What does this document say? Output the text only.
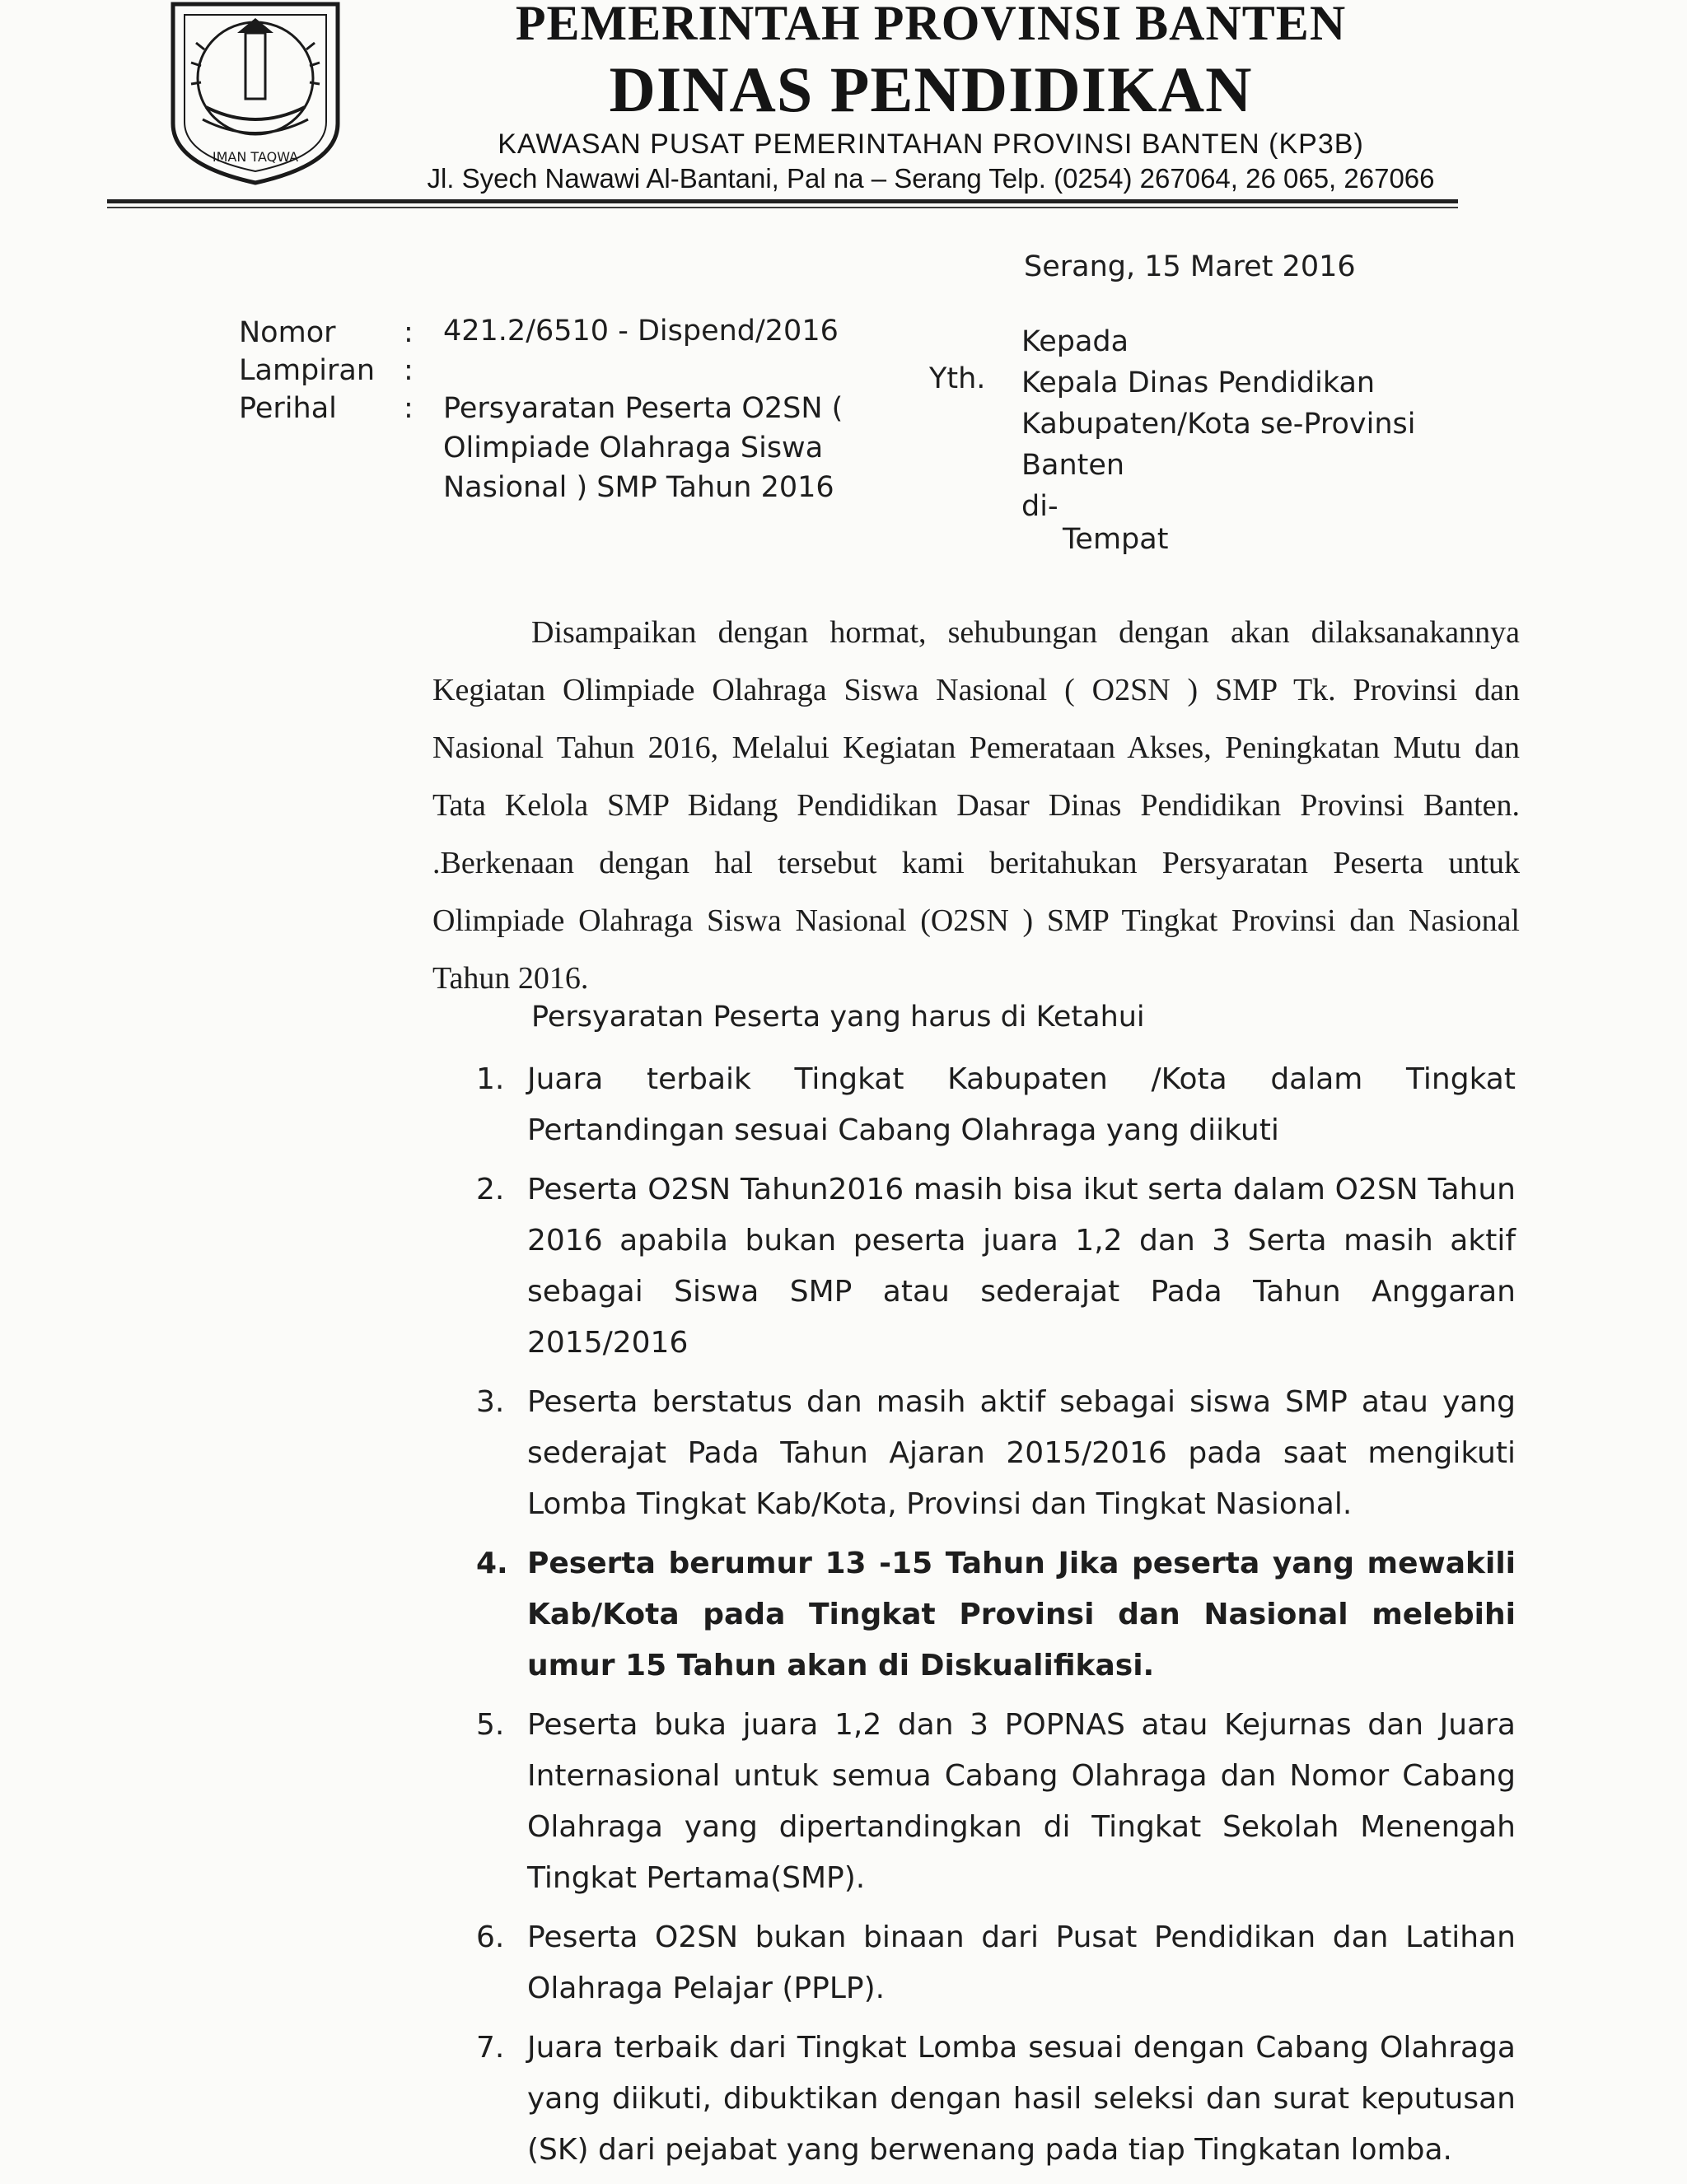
IMAN TAQWA
PEMERINTAH PROVINSI BANTEN
DINAS PENDIDIKAN
KAWASAN PUSAT PEMERINTAHAN PROVINSI BANTEN (KP3B)
Jl. Syech Nawawi Al-Bantani, Pal na – Serang Telp. (0254) 267064, 26 065, 267066
Serang, 15 Maret 2016
Nomor : 421.2/6510 - Dispend/2016
Lampiran :
Perihal : Persyaratan Peserta O2SN ( Olimpiade Olahraga Siswa Nasional ) SMP Tahun 2016
Kepada
Yth. Kepala Dinas Pendidikan
Kabupaten/Kota se-Provinsi
Banten
di-
Tempat
Disampaikan dengan hormat, sehubungan dengan akan dilaksanakannya Kegiatan Olimpiade Olahraga Siswa Nasional ( O2SN ) SMP Tk. Provinsi dan Nasional Tahun 2016, Melalui Kegiatan Pemerataan Akses, Peningkatan Mutu dan Tata Kelola SMP Bidang Pendidikan Dasar Dinas Pendidikan Provinsi Banten. .Berkenaan dengan hal tersebut kami beritahukan Persyaratan Peserta untuk Olimpiade Olahraga Siswa Nasional (O2SN ) SMP Tingkat Provinsi dan Nasional Tahun 2016.
Persyaratan Peserta yang harus di Ketahui
1. Juara terbaik Tingkat Kabupaten /Kota dalam Tingkat Pertandingan sesuai Cabang Olahraga yang diikuti
2. Peserta O2SN Tahun2016 masih bisa ikut serta dalam O2SN Tahun 2016 apabila bukan peserta juara 1,2 dan 3 Serta masih aktif sebagai Siswa SMP atau sederajat Pada Tahun Anggaran 2015/2016
3. Peserta berstatus dan masih aktif sebagai siswa SMP atau yang sederajat Pada Tahun Ajaran 2015/2016 pada saat mengikuti Lomba Tingkat Kab/Kota, Provinsi dan Tingkat Nasional.
4. Peserta berumur 13 -15 Tahun Jika peserta yang mewakili Kab/Kota pada Tingkat Provinsi dan Nasional melebihi umur 15 Tahun akan di Diskualifikasi.
5. Peserta buka juara 1,2 dan 3 POPNAS atau Kejurnas dan Juara Internasional untuk semua Cabang Olahraga dan Nomor Cabang Olahraga yang dipertandingkan di Tingkat Sekolah Menengah Tingkat Pertama(SMP).
6. Peserta O2SN bukan binaan dari Pusat Pendidikan dan Latihan Olahraga Pelajar (PPLP).
7. Juara terbaik dari Tingkat Lomba sesuai dengan Cabang Olahraga yang diikuti, dibuktikan dengan hasil seleksi dan surat keputusan (SK) dari pejabat yang berwenang pada tiap Tingkatan lomba.
